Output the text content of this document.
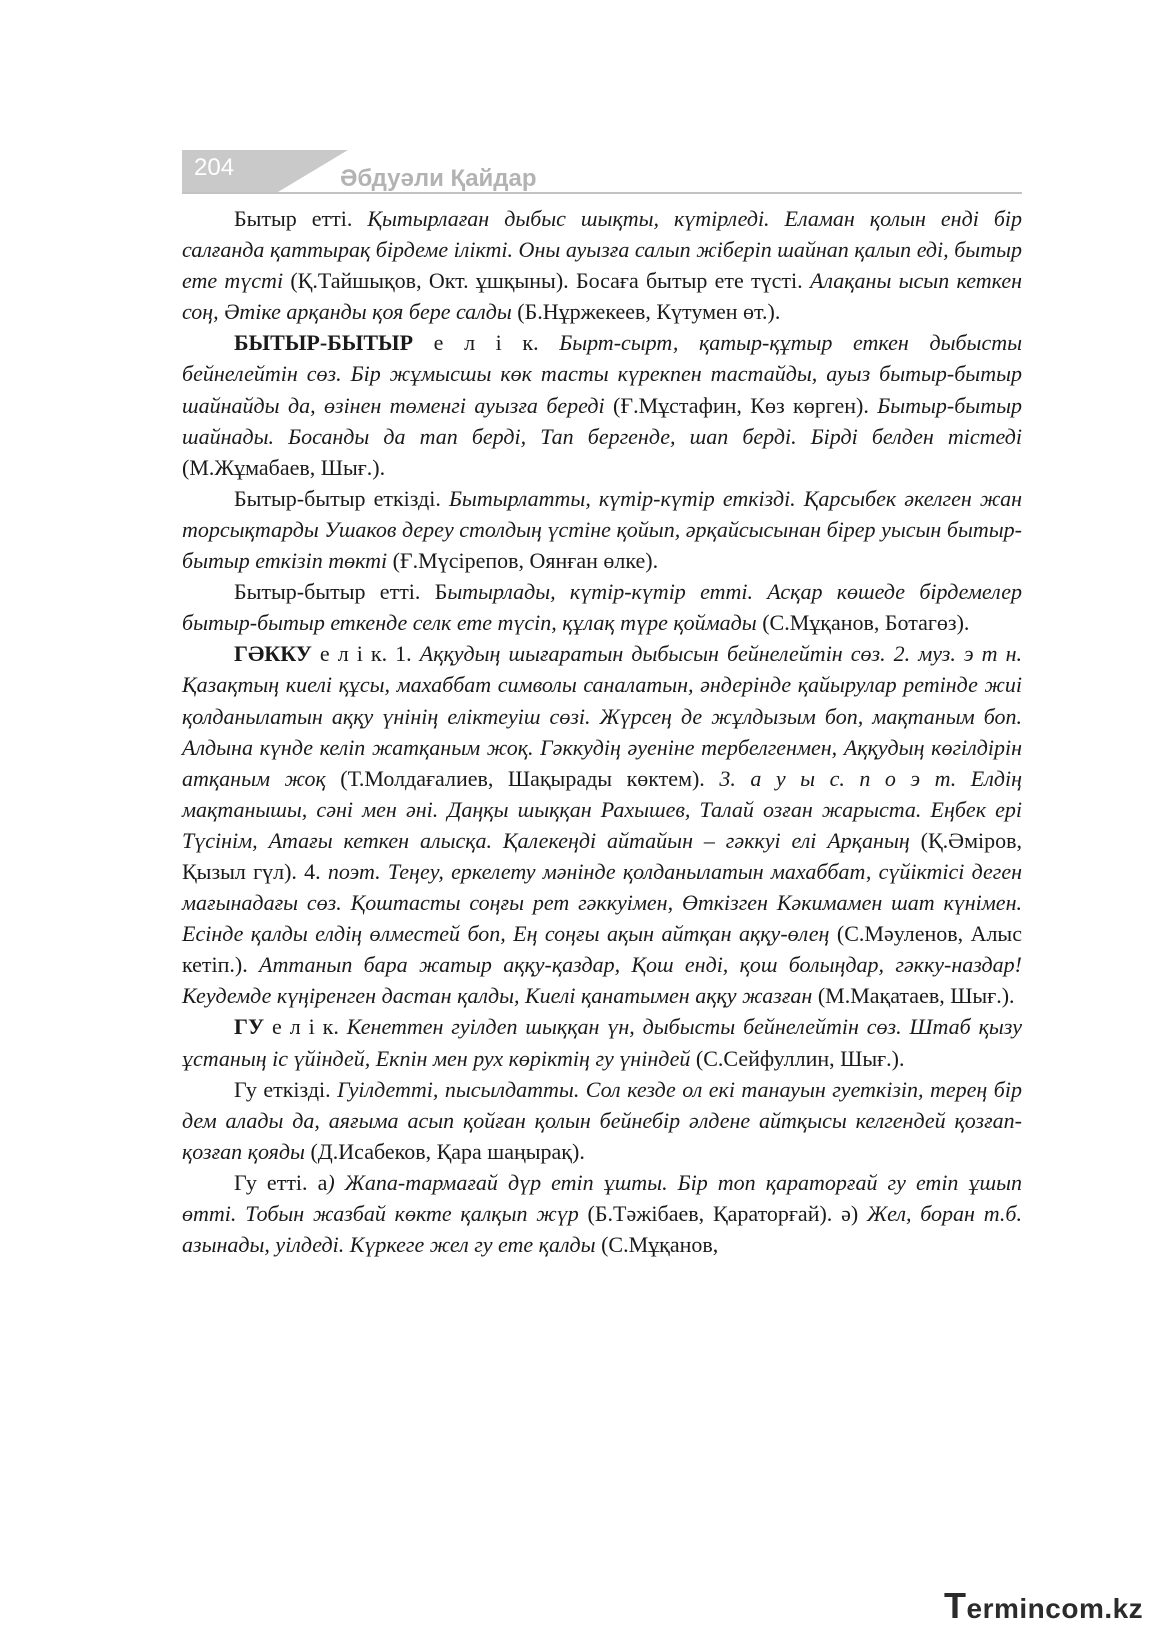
204	Әбдуәли Қайдар

Бытыр етті. Қытырлаған дыбыс шықты, күтірледі. Еламан қолын енді бір салғанда қаттырақ бірдеме ілікті. Оны ауызға салып жіберіп шайнап қалып еді, бытыр ете түсті (Қ.Тайшықов, Окт. ұшқыны). Босаға бытыр ете түсті. Алақаны ысып кеткен соң, Әтіке арқанды қоя бере салды (Б.Нұржекеев, Күтумен өт.).

БЫТЫР-БЫТЫР е л і к. Бырт-сырт, қатыр-құтыр еткен дыбысты бейнелейтін сөз. Бір жұмысшы көк тасты күрекпен тастайды, ауыз бытыр-бытыр шайнайды да, өзінен төменгі ауызға береді (Ғ.Мұстафин, Көз көрген). Бытыр-бытыр шайнады. Босанды да тап берді, Тап бергенде, шап берді. Бірді белден тістеді (М.Жұмабаев, Шығ.).

Бытыр-бытыр еткізді. Бытырлатты, күтір-күтір еткізді. Қарсыбек әкелген жан торсықтарды Ушаков дереу столдың үстіне қойып, әрқайсысынан бірер уысын бытыр-бытыр еткізіп төкті (Ғ.Мүсірепов, Оянған өлке).

Бытыр-бытыр етті. Бытырлады, күтір-күтір етті. Асқар көшеде бірдемелер бытыр-бытыр еткенде селк ете түсіп, құлақ түре қоймады (С.Мұқанов, Ботагөз).

ГӘККУ е л і к. 1. Аққудың шығаратын дыбысын бейнелейтін сөз. 2. муз. э т н. Қазақтың киелі құсы, махаббат символы саналатын, әндерінде қайырулар ретінде жиі қолданылатын аққу үнінің еліктеуіш сөзі. Жүрсең де жұлдызым боп, мақтаным боп. Алдына күнде келіп жатқаным жоқ. Гәккудің әуеніне тербелгенмен, Аққудың көгілдірін атқаным жоқ (Т.Молдағалиев, Шақырады көктем). 3. а у ы с. п о э т. Елдің мақтанышы, сәні мен әні. Даңқы шыққан Рахышев, Талай озған жарыста. Еңбек ері Түсінім, Атағы кеткен алысқа. Қалекеңді айтайын – гәккуі елі Арқаның (Қ.Әміров, Қызыл гүл). 4. поэт. Теңеу, еркелету мәнінде қолданылатын махаббат, сүйіктісі деген мағынадағы сөз. Қоштасты соңғы рет гәккуімен, Өткізген Кәкимамен шат күнімен. Есінде қалды елдің өлместей боп, Ең соңғы ақын айтқан аққу-өлең (С.Мәуленов, Алыс кетіп.). Аттанып бара жатыр аққу-қаздар, Қош енді, қош болыңдар, гәкку-наздар! Кеудемде күңіренген дастан қалды, Киелі қанатымен аққу жазған (М.Мақатаев, Шығ.).

ГУ е л і к. Кенеттен гуілдеп шыққан үн, дыбысты бейнелейтін сөз. Штаб қызу ұстаның іс үйіндей, Екпін мен рух көріктің гу үніндей (С.Сейфуллин, Шығ.).

Гу еткізді. Гуілдетті, пысылдатты. Сол кезде ол екі танауын гуеткізіп, терең бір дем алады да, аяғыма асып қойған қолын бейнебір әлдене айтқысы келгендей қозғап-қозғап қояды (Д.Исабеков, Қара шаңырақ).

Гу етті. а) Жапа-тармағай дүр етіп ұшты. Бір топ қараторғай гу етіп ұшып өтті. Тобын жазбай көкте қалқып жүр (Б.Тәжібаев, Қараторғай). ә) Жел, боран т.б. азынады, уілдеді. Күркеге жел гу ете қалды (С.Мұқанов,

Termincom.kz
